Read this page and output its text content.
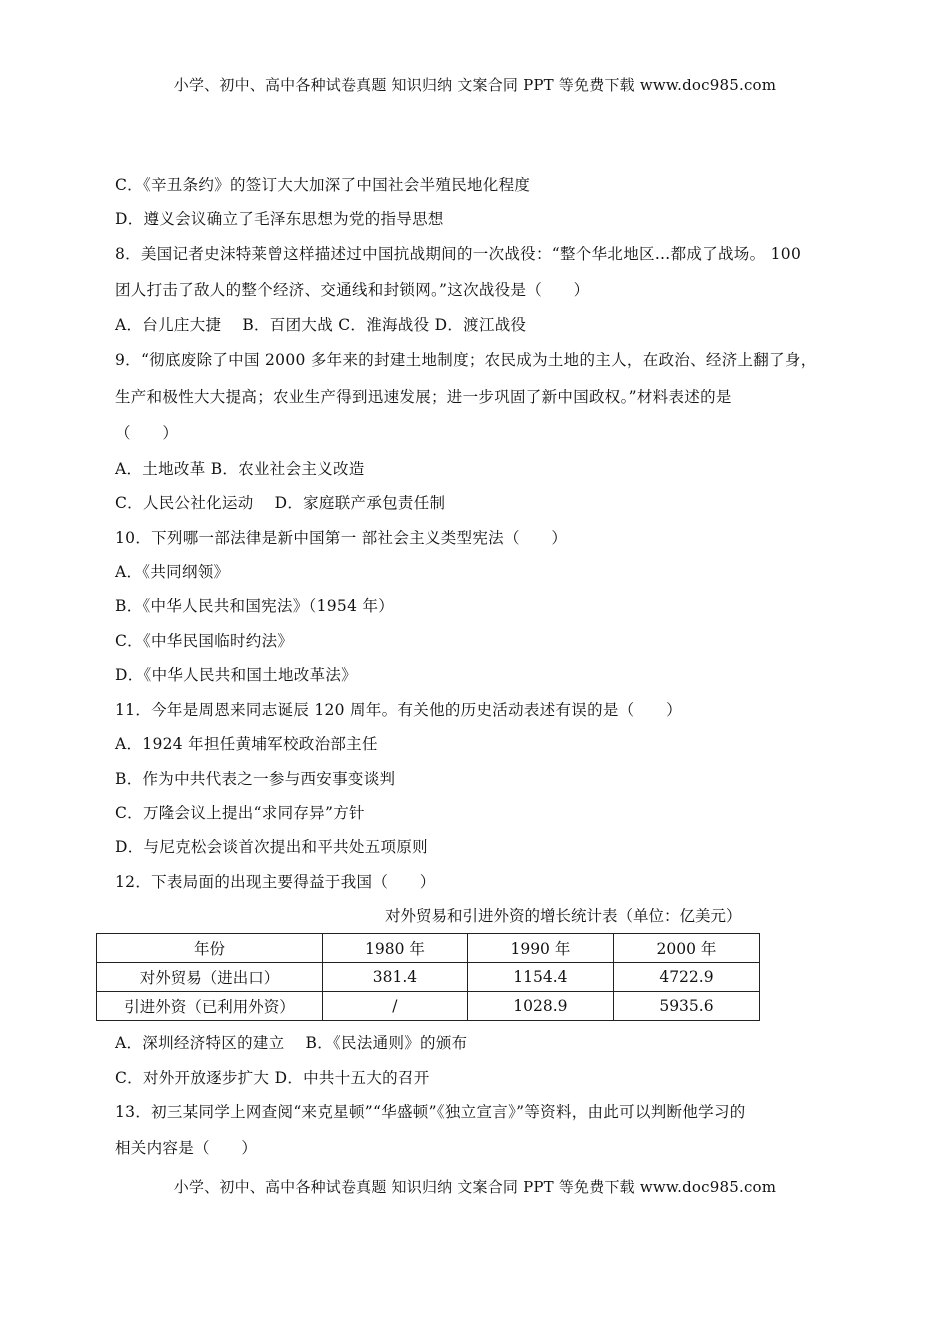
小学、初中、高中各种试卷真题 知识归纳 文案合同 PPT 等免费下载 www.doc985.com
C．《辛丑条约》的签订大大加深了中国社会半殖民地化程度
D．遵义会议确立了毛泽东思想为党的指导思想
8．美国记者史沫特莱曾这样描述过中国抗战期间的一次战役：“整个华北地区…都成了战场。 100
团人打击了敌人的整个经济、交通线和封锁网。”这次战役是（　　）
A．台儿庄大捷　 B．百团大战 C．淮海战役 D．渡江战役
9．“彻底废除了中国 2000 多年来的封建土地制度；农民成为土地的主人，在政治、经济上翻了身，
生产和极性大大提高；农业生产得到迅速发展；进一步巩固了新中国政权。”材料表述的是
（　　）
A．土地改革 B．农业社会主义改造
C．人民公社化运动　 D．家庭联产承包责任制
10．下列哪一部法律是新中国第一 部社会主义类型宪法（　　）
A．《共同纲领》
B．《中华人民共和国宪法》（1954 年）
C．《中华民国临时约法》
D．《中华人民共和国土地改革法》
11．今年是周恩来同志诞辰 120 周年。有关他的历史活动表述有误的是（　　）
A．1924 年担任黄埔军校政治部主任
B．作为中共代表之一参与西安事变谈判
C．万隆会议上提出“求同存异”方针
D．与尼克松会谈首次提出和平共处五项原则
12．下表局面的出现主要得益于我国（　　）
对外贸易和引进外资的增长统计表（单位：亿美元）
年份	1980 年	1990 年	2000 年
对外贸易（进出口）	381.4	1154.4	4722.9
引进外资（已利用外资）	/	1028.9	5935.6
A．深圳经济特区的建立　 B．《民法通则》的颁布
C．对外开放逐步扩大 D．中共十五大的召开
13．初三某同学上网查阅“来克星顿”“华盛顿”《独立宣言》”等资料，由此可以判断他学习的
相关内容是（　　）
小学、初中、高中各种试卷真题 知识归纳 文案合同 PPT 等免费下载 www.doc985.com
